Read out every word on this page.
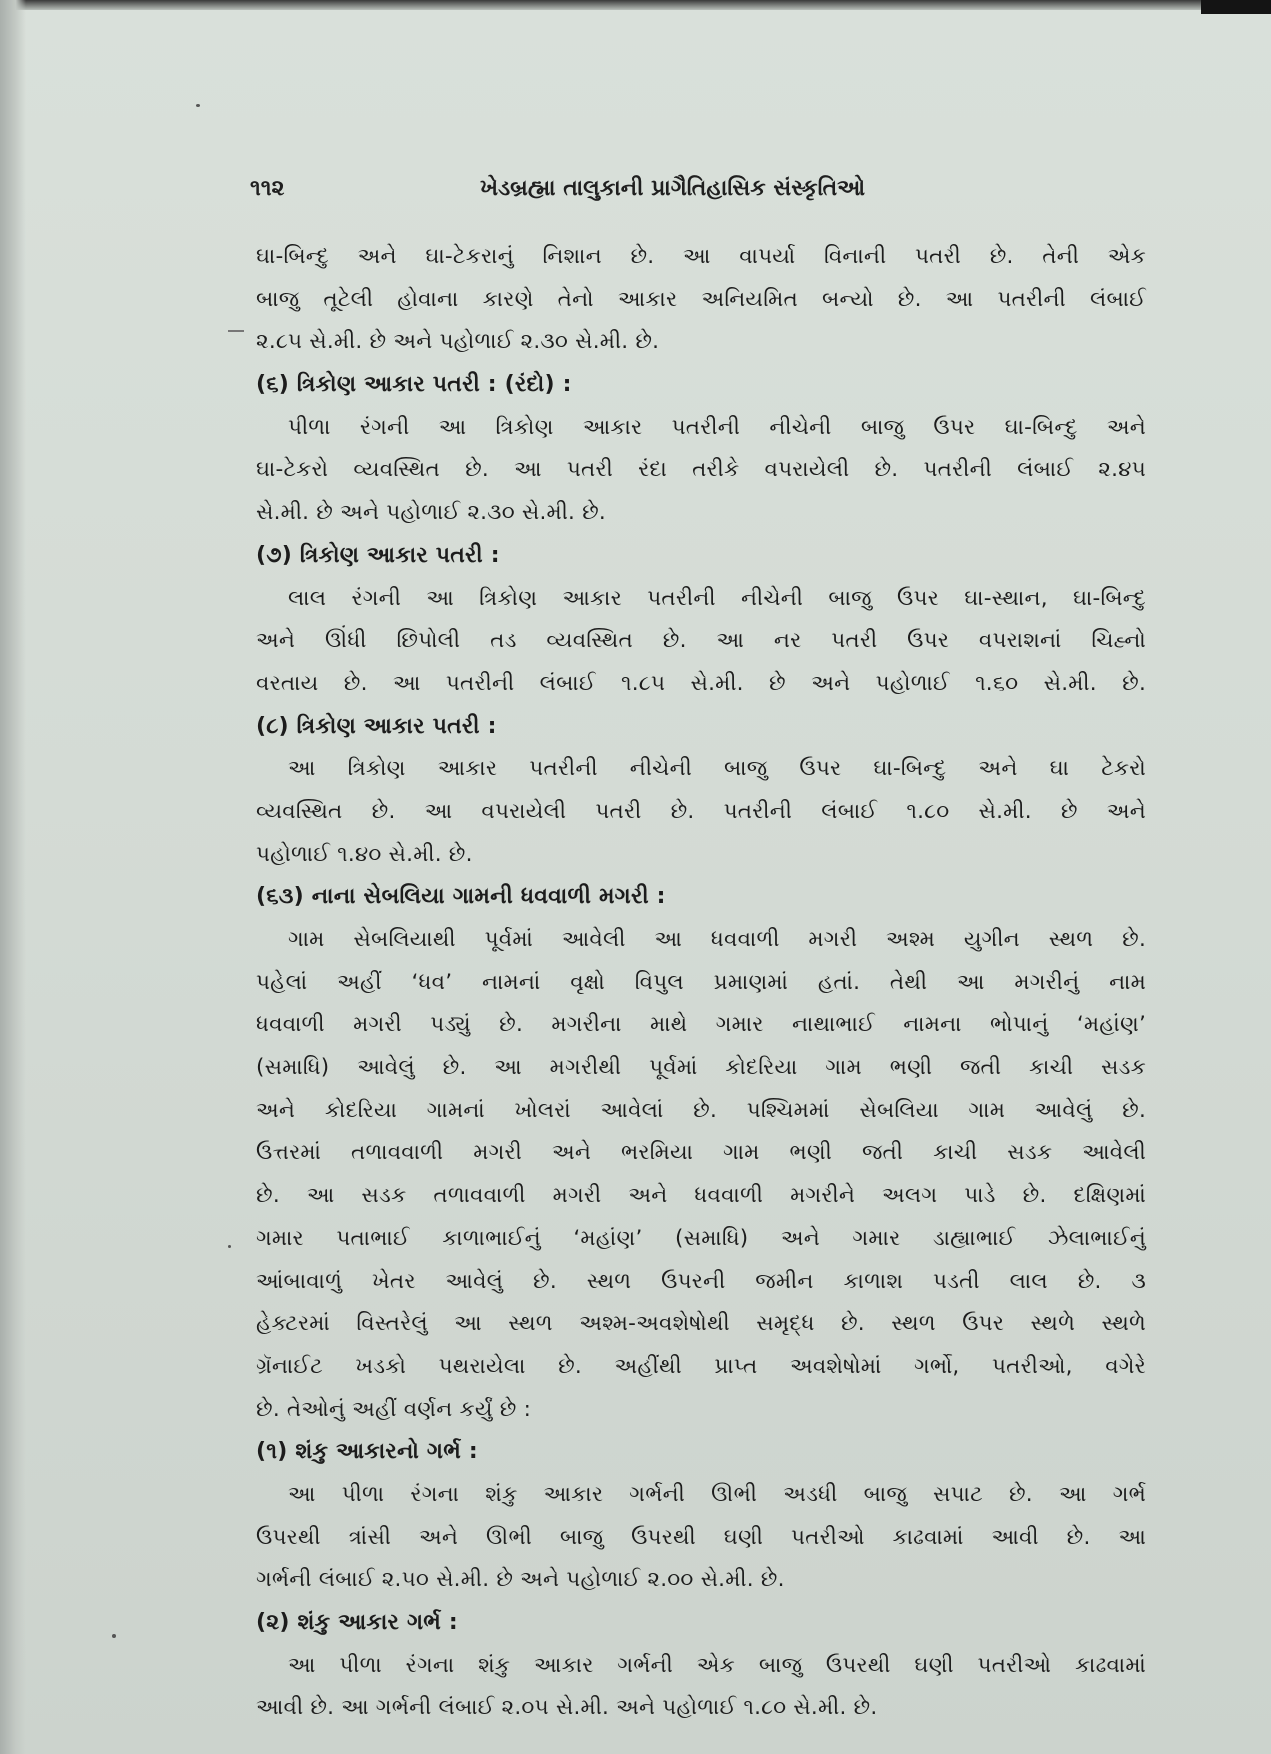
૧૧૨	ખેડબ્રહ્મા તાલુકાની પ્રાગૈતિહાસિક સંસ્કૃતિઓ
ઘા-બિન્દુ અને ઘા-ટેકરાનું નિશાન છે. આ વાપર્યા વિનાની પતરી છે. તેની એક
બાજુ તૂટેલી હોવાના કારણે તેનો આકાર અનિયમિત બન્યો છે. આ પતરીની લંબાઈ
૨.૮૫ સે.મી. છે અને પહોળાઈ ૨.૩૦ સે.મી. છે.
(૬) ત્રિકોણ આકાર પતરી : (રંદો) :
પીળા રંગની આ ત્રિકોણ આકાર પતરીની નીચેની બાજુ ઉપર ઘા-બિન્દુ અને
ઘા-ટેકરો વ્યવસ્થિત છે. આ પતરી રંદા તરીકે વપરાયેલી છે. પતરીની લંબાઈ ૨.૪૫
સે.મી. છે અને પહોળાઈ ૨.૩૦ સે.મી. છે.
(૭) ત્રિકોણ આકાર પતરી :
લાલ રંગની આ ત્રિકોણ આકાર પતરીની નીચેની બાજુ ઉપર ઘા-સ્થાન, ઘા-બિન્દુ
અને ઊંધી છિપોલી તડ વ્યવસ્થિત છે. આ નર પતરી ઉપર વપરાશનાં ચિહ્નો
વરતાય છે. આ પતરીની લંબાઈ ૧.૮૫ સે.મી. છે અને પહોળાઈ ૧.૬૦ સે.મી. છે.
(૮) ત્રિકોણ આકાર પતરી :
આ ત્રિકોણ આકાર પતરીની નીચેની બાજુ ઉપર ઘા-બિન્દુ અને ઘા ટેકરો
વ્યવસ્થિત છે. આ વપરાયેલી પતરી છે. પતરીની લંબાઈ ૧.૮૦ સે.મી. છે અને
પહોળાઈ ૧.૪૦ સે.મી. છે.
(૬૩) નાના સેબલિયા ગામની ધવવાળી મગરી :
ગામ સેબલિયાથી પૂર્વમાં આવેલી આ ધવવાળી મગરી અશ્મ યુગીન સ્થળ છે.
પહેલાં અહીં ‘ધવ’ નામનાં વૃક્ષો વિપુલ પ્રમાણમાં હતાં. તેથી આ મગરીનું નામ
ધવવાળી મગરી પડ્યું છે. મગરીના માથે ગમાર નાથાભાઈ નામના ભોપાનું ‘મહાંણ’
(સમાધિ) આવેલું છે. આ મગરીથી પૂર્વમાં કોદરિયા ગામ ભણી જતી કાચી સડક
અને કોદરિયા ગામનાં ખોલરાં આવેલાં છે. પશ્ચિમમાં સેબલિયા ગામ આવેલું છે.
ઉત્તરમાં તળાવવાળી મગરી અને ભરમિયા ગામ ભણી જતી કાચી સડક આવેલી
છે. આ સડક તળાવવાળી મગરી અને ધવવાળી મગરીને અલગ પાડે છે. દક્ષિણમાં
ગમાર પતાભાઈ કાળાભાઈનું ‘મહાંણ’ (સમાધિ) અને ગમાર ડાહ્યાભાઈ ઝેલાભાઈનું
આંબાવાળું ખેતર આવેલું છે. સ્થળ ઉપરની જમીન કાળાશ પડતી લાલ છે. ૩
હેક્ટરમાં વિસ્તરેલું આ સ્થળ અશ્મ-અવશેષોથી સમૃદ્ધ છે. સ્થળ ઉપર સ્થળે સ્થળે
ગ્રૅનાઈટ ખડકો પથરાયેલા છે. અહીંથી પ્રાપ્ત અવશેષોમાં ગર્ભો, પતરીઓ, વગેરે
છે. તેઓનું અહીં વર્ણન કર્યું છે :
(૧) શંકુ આકારનો ગર્ભ :
આ પીળા રંગના શંકુ આકાર ગર્ભની ઊભી અડધી બાજુ સપાટ છે. આ ગર્ભ
ઉપરથી ત્રાંસી અને ઊભી બાજુ ઉપરથી ઘણી પતરીઓ કાઢવામાં આવી છે. આ
ગર્ભની લંબાઈ ૨.૫૦ સે.મી. છે અને પહોળાઈ ૨.૦૦ સે.મી. છે.
(૨) શંકુ આકાર ગર્ભ :
આ પીળા રંગના શંકુ આકાર ગર્ભની એક બાજુ ઉપરથી ઘણી પતરીઓ કાઢવામાં
આવી છે. આ ગર્ભની લંબાઈ ૨.૦૫ સે.મી. અને પહોળાઈ ૧.૮૦ સે.મી. છે.
